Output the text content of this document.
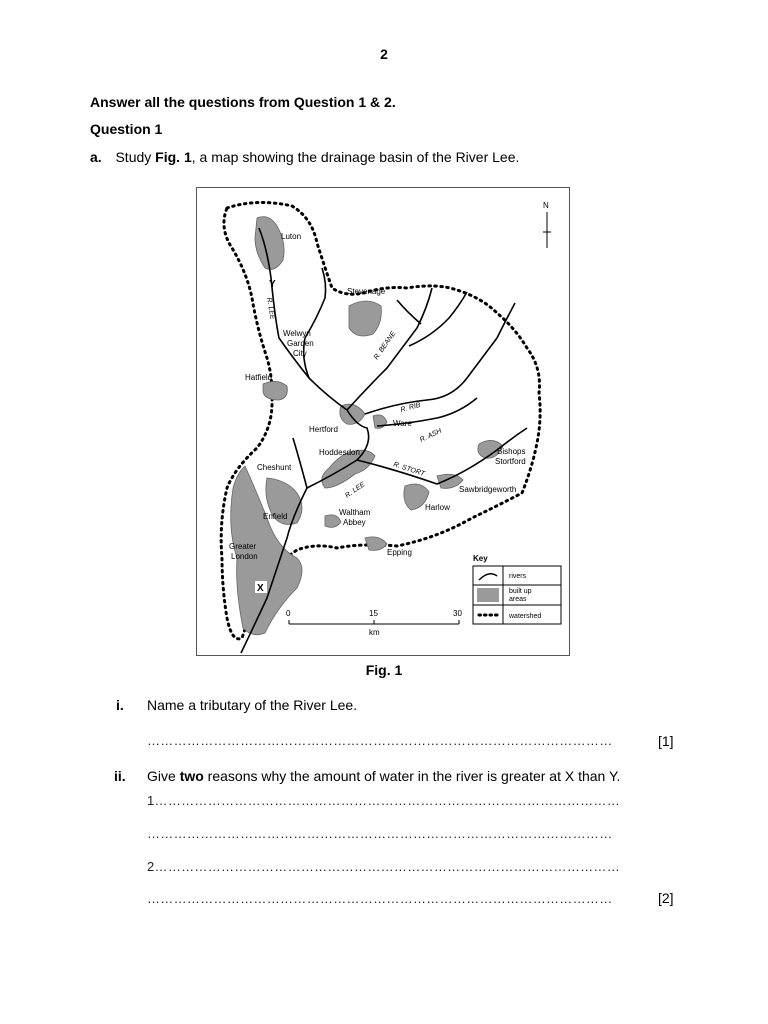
2
Answer all the questions from Question 1 & 2.
Question 1
a. Study Fig. 1, a map showing the drainage basin of the River Lee.
N
Luton
Stevenage
Welwyn
Garden
City
Hatfield
Hertford
Ware
Hoddesdon
Cheshunt
Enfield	Waltham
Abbey
Greater
London	Epping
Harlow
Sawbridgeworth
Bishops
Stortford
R. LEE
R. LEE
R. BEANE
R. RIB
R. ASH
R. STORT
X
Y
0	15	30
km
Key
rivers
built up
areas
watershed
Fig. 1
i. Name a tributary of the River Lee.
……………………………………………………………………………………………	[1]
ii. Give two reasons why the amount of water in the river is greater at X than Y.
1……………………………………………………………………………………………
……………………………………………………………………………………………
2……………………………………………………………………………………………
……………………………………………………………………………………………	[2]
